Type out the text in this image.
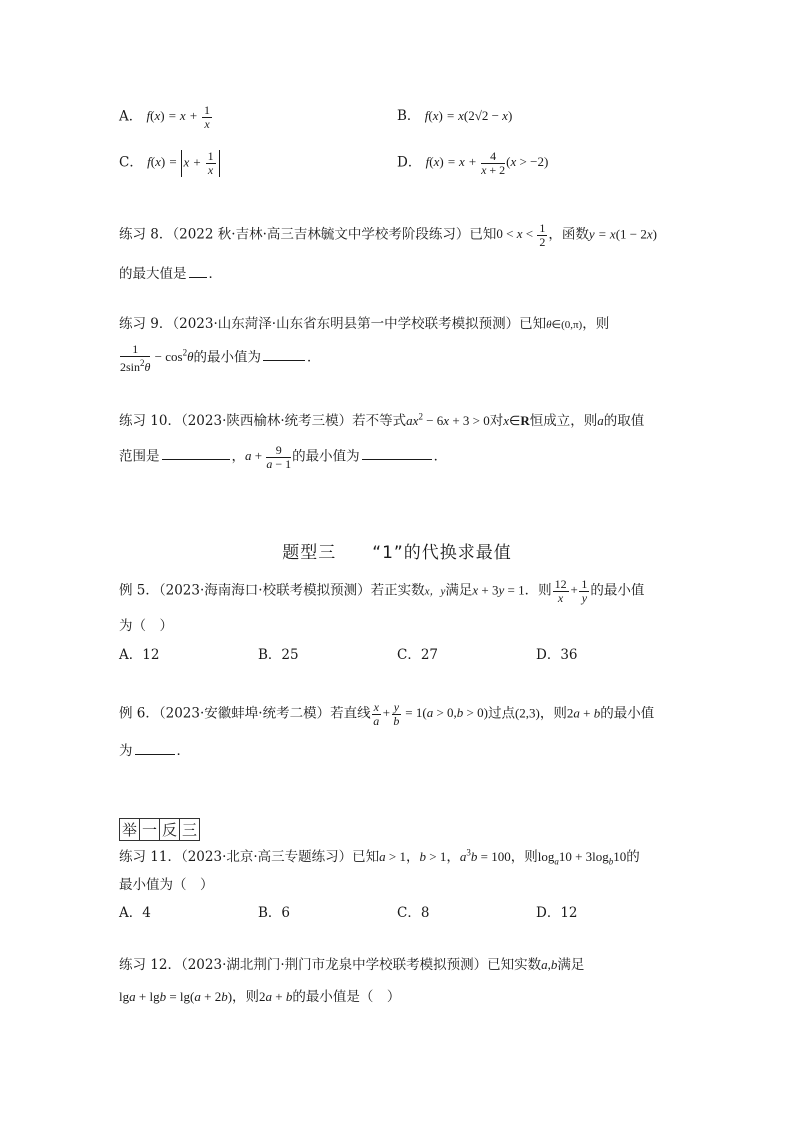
A． $f(x) = x + \frac{1}{x}$	B． f(x) = x(2√2 − x)
C． $f(x) = x + \frac{1}{x}$	D． $f(x) = x + \frac{4}{x + 2} (x > -2)$
练习 8．（2022 秋·吉林·高三吉林毓文中学校考阶段练习）已知$0 < x < \frac{1}{2}$ ，函数y = x(1 − 2x)
的最大值是 ．
练习 9．（2023·山东菏泽·山东省东明县第一中学校联考模拟预测）已知θ∈(0,π)，则
$\frac{1}{2\sin^2\theta} - \cos^2\theta$的最小值为	．
练习 10．（2023·陕西榆林·统考三模）若不等式$ax^2 - 6x + 3 > 0$对x∈R恒成立，则a的取值
范围是	，$a + \frac{9}{a - 1}$ 的最小值为	．
题型三　　“1”的代换求最值
例 5．（2023·海南海口·校联考模拟预测）若正实数x，y满足x + 3y = 1．则 $\frac{12}{x} + \frac{1}{y}$ 的最小值
为（　）
A．12	B．25	C．27	D．36
例 6．（2023·安徽蚌埠·统考二模）若直线 $\frac{x}{a} + \frac{y}{b} = 1(a > 0,b > 0)$过点(2,3)，则2a + b的最小值
为	．
举 一 反 三
练习 11．（2023·北京·高三专题练习）已知a > 1，b > 1，$a^3b = 100$，则$\log_a10 + 3\log_b10$的
最小值为（　）
A．4	B．6	C．8	D．12
练习 12．（2023·湖北荆门·荆门市龙泉中学校联考模拟预测）已知实数a,b满足
lga + lgb = lg(a + 2b)，则2a + b的最小值是（　）
